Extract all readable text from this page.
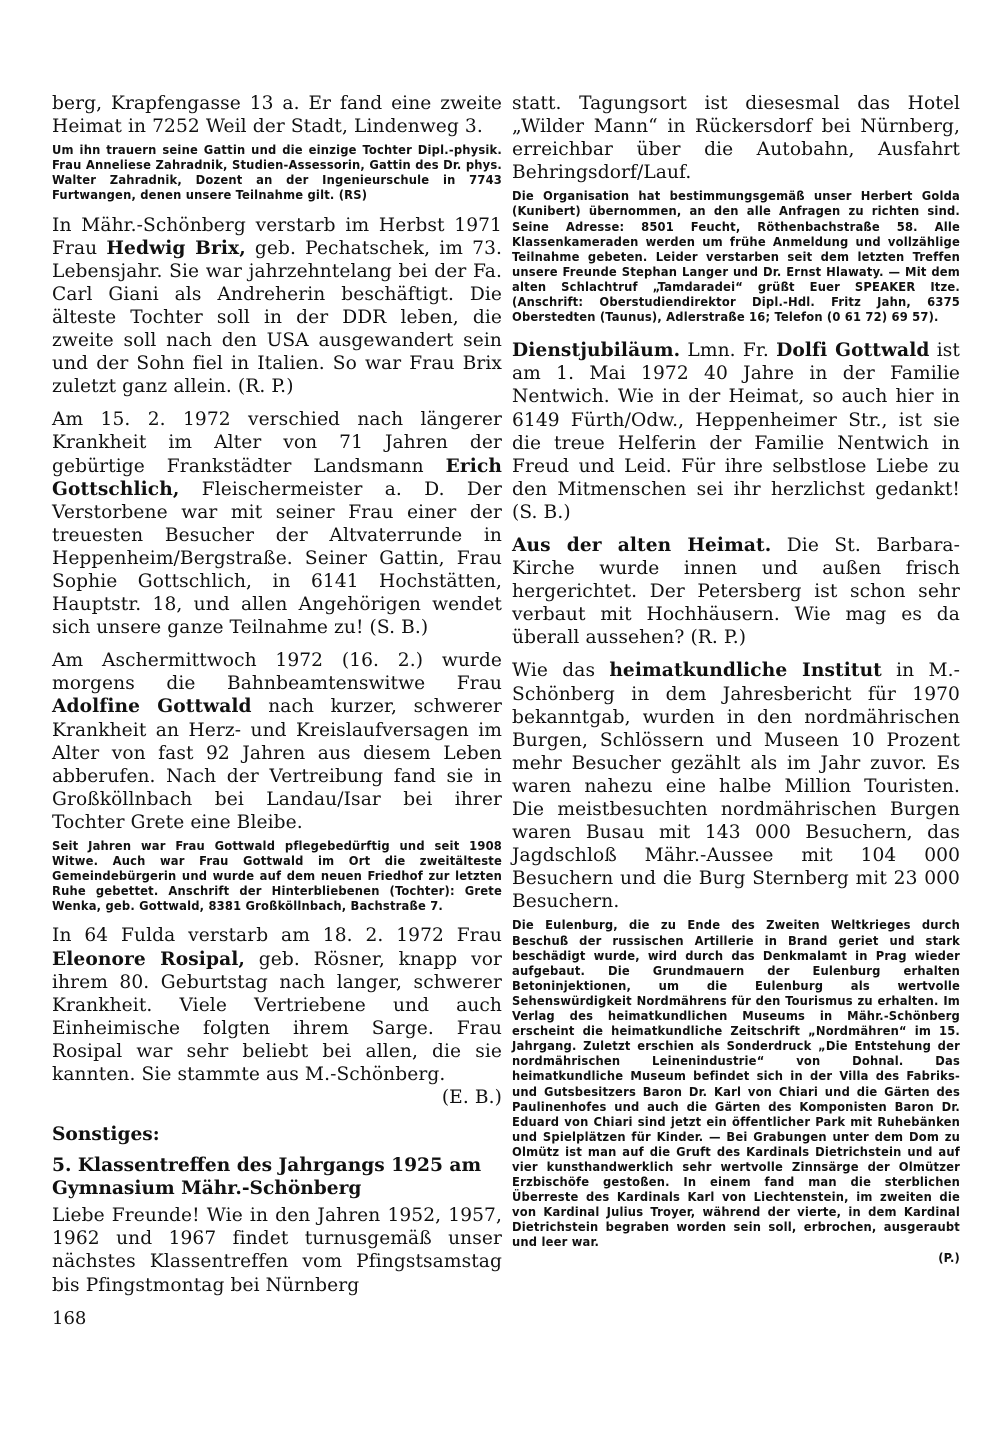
berg, Krapfengasse 13 a. Er fand eine zweite Heimat in 7252 Weil der Stadt, Lindenweg 3.

Um ihn trauern seine Gattin und die einzige Tochter Dipl.-physik. Frau Anneliese Zahradnik, Studien-Assessorin, Gattin des Dr. phys. Walter Zahradnik, Dozent an der Ingenieurschule in 7743 Furtwangen, denen unsere Teilnahme gilt. (RS)

In Mähr.-Schönberg verstarb im Herbst 1971 Frau Hedwig Brix, geb. Pechatschek, im 73. Lebensjahr. Sie war jahrzehntelang bei der Fa. Carl Giani als Andreherin beschäftigt. Die älteste Tochter soll in der DDR leben, die zweite soll nach den USA ausgewandert sein und der Sohn fiel in Italien. So war Frau Brix zuletzt ganz allein. (R. P.)

Am 15. 2. 1972 verschied nach längerer Krankheit im Alter von 71 Jahren der gebürtige Frankstädter Landsmann Erich Gottschlich, Fleischermeister a. D. Der Verstorbene war mit seiner Frau einer der treuesten Besucher der Altvaterrunde in Heppenheim/Bergstraße. Seiner Gattin, Frau Sophie Gottschlich, in 6141 Hochstätten, Hauptstr. 18, und allen Angehörigen wendet sich unsere ganze Teilnahme zu! (S. B.)

Am Aschermittwoch 1972 (16. 2.) wurde morgens die Bahnbeamtenswitwe Frau Adolfine Gottwald nach kurzer, schwerer Krankheit an Herz- und Kreislaufversagen im Alter von fast 92 Jahren aus diesem Leben abberufen. Nach der Vertreibung fand sie in Großköllnbach bei Landau/Isar bei ihrer Tochter Grete eine Bleibe.

Seit Jahren war Frau Gottwald pflegebedürftig und seit 1908 Witwe. Auch war Frau Gottwald im Ort die zweitälteste Gemeindebürgerin und wurde auf dem neuen Friedhof zur letzten Ruhe gebettet. Anschrift der Hinterbliebenen (Tochter): Grete Wenka, geb. Gottwald, 8381 Großköllnbach, Bachstraße 7.

In 64 Fulda verstarb am 18. 2. 1972 Frau Eleonore Rosipal, geb. Rösner, knapp vor ihrem 80. Geburtstag nach langer, schwerer Krankheit. Viele Vertriebene und auch Einheimische folgten ihrem Sarge. Frau Rosipal war sehr beliebt bei allen, die sie kannten. Sie stammte aus M.-Schönberg.
(E. B.)

Sonstiges:

5. Klassentreffen des Jahrgangs 1925 am Gymnasium Mähr.-Schönberg

Liebe Freunde! Wie in den Jahren 1952, 1957, 1962 und 1967 findet turnusgemäß unser nächstes Klassentreffen vom Pfingstsamstag bis Pfingstmontag bei Nürnberg

statt. Tagungsort ist diesesmal das Hotel „Wilder Mann“ in Rückersdorf bei Nürnberg, erreichbar über die Autobahn, Ausfahrt Behringsdorf/Lauf.

Die Organisation hat bestimmungsgemäß unser Herbert Golda (Kunibert) übernommen, an den alle Anfragen zu richten sind. Seine Adresse: 8501 Feucht, Röthenbachstraße 58. Alle Klassenkameraden werden um frühe Anmeldung und vollzählige Teilnahme gebeten. Leider verstarben seit dem letzten Treffen unsere Freunde Stephan Langer und Dr. Ernst Hlawaty. — Mit dem alten Schlachtruf „Tamdaradei“ grüßt Euer SPEAKER Itze. (Anschrift: Oberstudiendirektor Dipl.-Hdl. Fritz Jahn, 6375 Oberstedten (Taunus), Adlerstraße 16; Telefon (0 61 72) 69 57).

Dienstjubiläum. Lmn. Fr. Dolfi Gottwald ist am 1. Mai 1972 40 Jahre in der Familie Nentwich. Wie in der Heimat, so auch hier in 6149 Fürth/Odw., Heppenheimer Str., ist sie die treue Helferin der Familie Nentwich in Freud und Leid. Für ihre selbstlose Liebe zu den Mitmenschen sei ihr herzlichst gedankt! (S. B.)

Aus der alten Heimat. Die St. Barbara-Kirche wurde innen und außen frisch hergerichtet. Der Petersberg ist schon sehr verbaut mit Hochhäusern. Wie mag es da überall aussehen? (R. P.)

Wie das heimatkundliche Institut in M.-Schönberg in dem Jahresbericht für 1970 bekanntgab, wurden in den nordmährischen Burgen, Schlössern und Museen 10 Prozent mehr Besucher gezählt als im Jahr zuvor. Es waren nahezu eine halbe Million Touristen. Die meistbesuchten nordmährischen Burgen waren Busau mit 143 000 Besuchern, das Jagdschloß Mähr.-Aussee mit 104 000 Besuchern und die Burg Sternberg mit 23 000 Besuchern.

Die Eulenburg, die zu Ende des Zweiten Weltkrieges durch Beschuß der russischen Artillerie in Brand geriet und stark beschädigt wurde, wird durch das Denkmalamt in Prag wieder aufgebaut. Die Grundmauern der Eulenburg erhalten Betoninjektionen, um die Eulenburg als wertvolle Sehenswürdigkeit Nordmährens für den Tourismus zu erhalten. Im Verlag des heimatkundlichen Museums in Mähr.-Schönberg erscheint die heimatkundliche Zeitschrift „Nordmähren“ im 15. Jahrgang. Zuletzt erschien als Sonderdruck „Die Entstehung der nordmährischen Leinenindustrie“ von Dohnal. Das heimatkundliche Museum befindet sich in der Villa des Fabriks- und Gutsbesitzers Baron Dr. Karl von Chiari und die Gärten des Paulinenhofes und auch die Gärten des Komponisten Baron Dr. Eduard von Chiari sind jetzt ein öffentlicher Park mit Ruhebänken und Spielplätzen für Kinder. — Bei Grabungen unter dem Dom zu Olmütz ist man auf die Gruft des Kardinals Dietrichstein und auf vier kunsthandwerklich sehr wertvolle Zinnsärge der Olmützer Erzbischöfe gestoßen. In einem fand man die sterblichen Überreste des Kardinals Karl von Liechtenstein, im zweiten die von Kardinal Julius Troyer, während der vierte, in dem Kardinal Dietrichstein begraben worden sein soll, erbrochen, ausgeraubt und leer war.
(P.)

168
